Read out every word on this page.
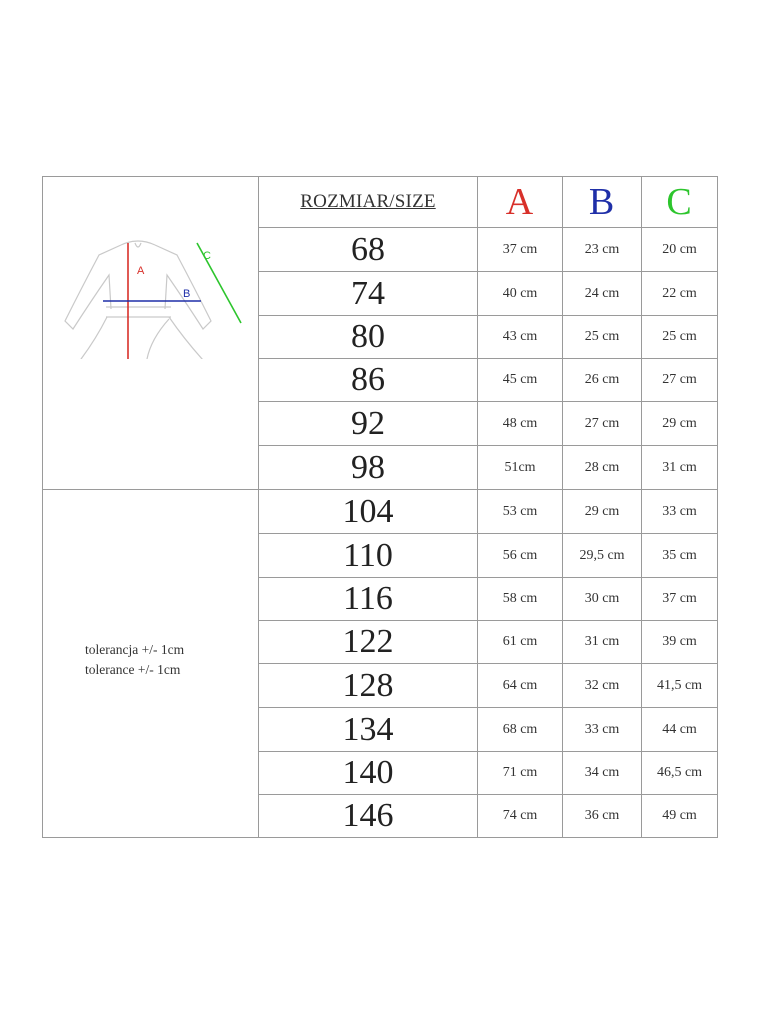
A
B
C
tolerancja +/- 1cm
tolerance +/- 1cm
ROZMIAR/SIZE	A	B	C
68	37 cm	23 cm	20 cm
74	40 cm	24 cm	22 cm
80	43 cm	25 cm	25 cm
86	45 cm	26 cm	27 cm
92	48 cm	27 cm	29 cm
98	51cm	28 cm	31 cm
104	53 cm	29 cm	33 cm
110	56 cm	29,5 cm	35 cm
116	58 cm	30 cm	37 cm
122	61 cm	31 cm	39 cm
128	64 cm	32 cm	41,5 cm
134	68 cm	33 cm	44 cm
140	71 cm	34 cm	46,5 cm
146	74 cm	36 cm	49 cm
